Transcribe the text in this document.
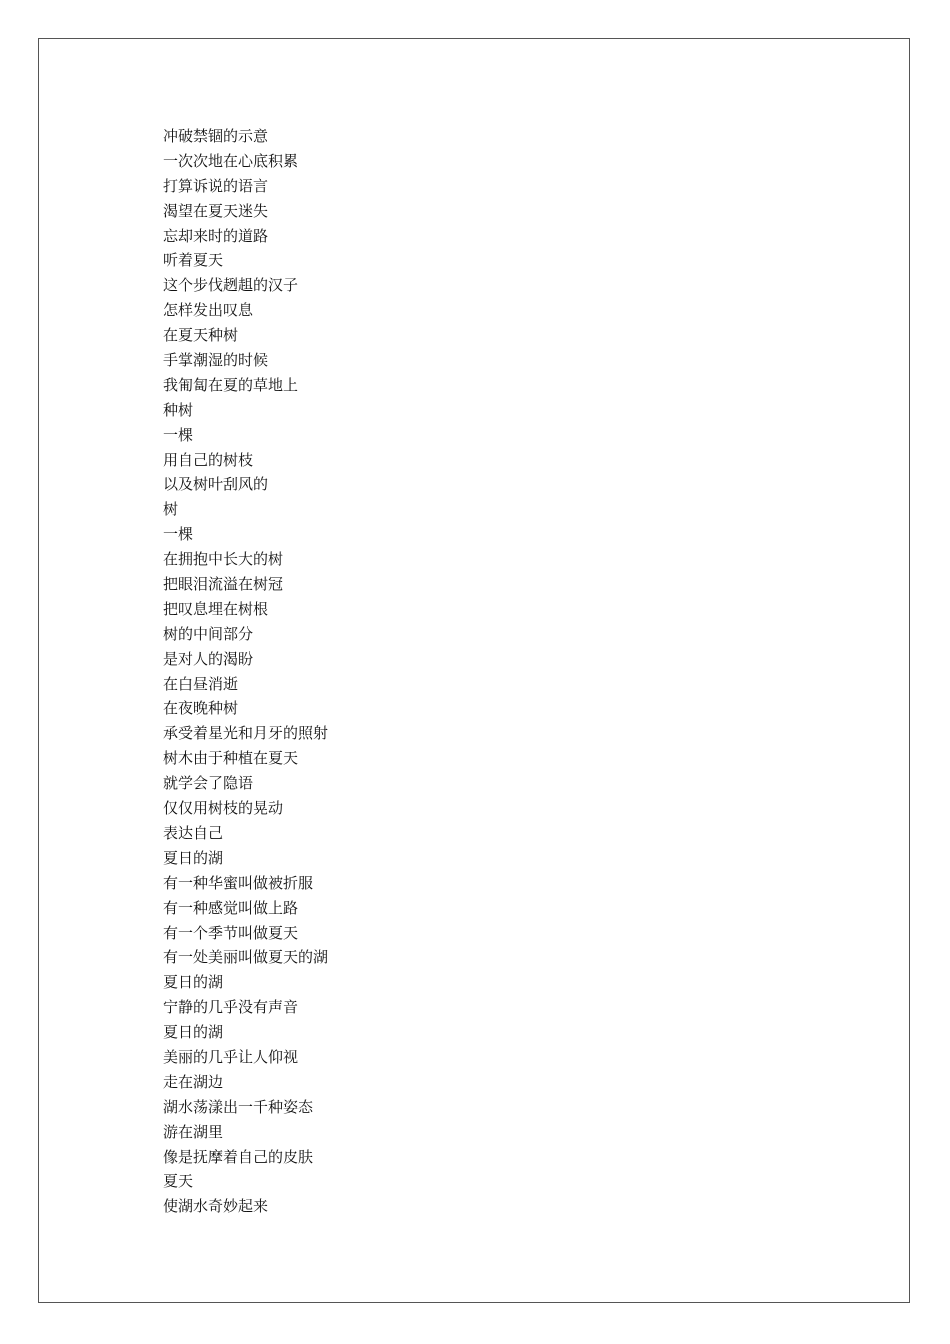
冲破禁锢的示意
一次次地在心底积累
打算诉说的语言
渴望在夏天迷失
忘却来时的道路
听着夏天
这个步伐趔趄的汉子
怎样发出叹息
在夏天种树
手掌潮湿的时候
我匍匐在夏的草地上
种树
一棵
用自己的树枝
以及树叶刮风的
树
一棵
在拥抱中长大的树
把眼泪流溢在树冠
把叹息埋在树根
树的中间部分
是对人的渴盼
在白昼消逝
在夜晚种树
承受着星光和月牙的照射
树木由于种植在夏天
就学会了隐语
仅仅用树枝的晃动
表达自己
夏日的湖
有一种华蜜叫做被折服
有一种感觉叫做上路
有一个季节叫做夏天
有一处美丽叫做夏天的湖
夏日的湖
宁静的几乎没有声音
夏日的湖
美丽的几乎让人仰视
走在湖边
湖水荡漾出一千种姿态
游在湖里
像是抚摩着自己的皮肤
夏天
使湖水奇妙起来
